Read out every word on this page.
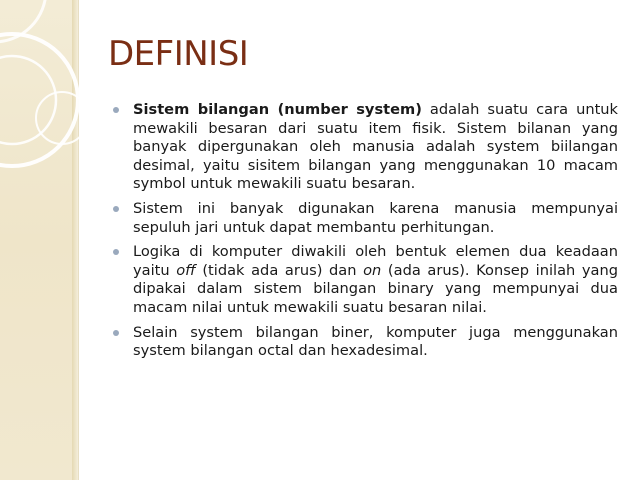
DEFINISI
Sistem bilangan (number system) adalah suatu cara untuk mewakili besaran dari suatu item fisik. Sistem bilanan yang banyak dipergunakan oleh manusia adalah system biilangan desimal, yaitu sisitem bilangan yang menggunakan 10 macam symbol untuk mewakili suatu besaran.
Sistem ini banyak digunakan karena manusia mempunyai sepuluh jari untuk dapat membantu perhitungan.
Logika di komputer diwakili oleh bentuk elemen dua keadaan yaitu off (tidak ada arus) dan on (ada arus). Konsep inilah yang dipakai dalam sistem bilangan binary yang mempunyai dua macam nilai untuk mewakili suatu besaran nilai.
Selain system bilangan biner, komputer juga menggunakan system bilangan octal dan hexadesimal.
